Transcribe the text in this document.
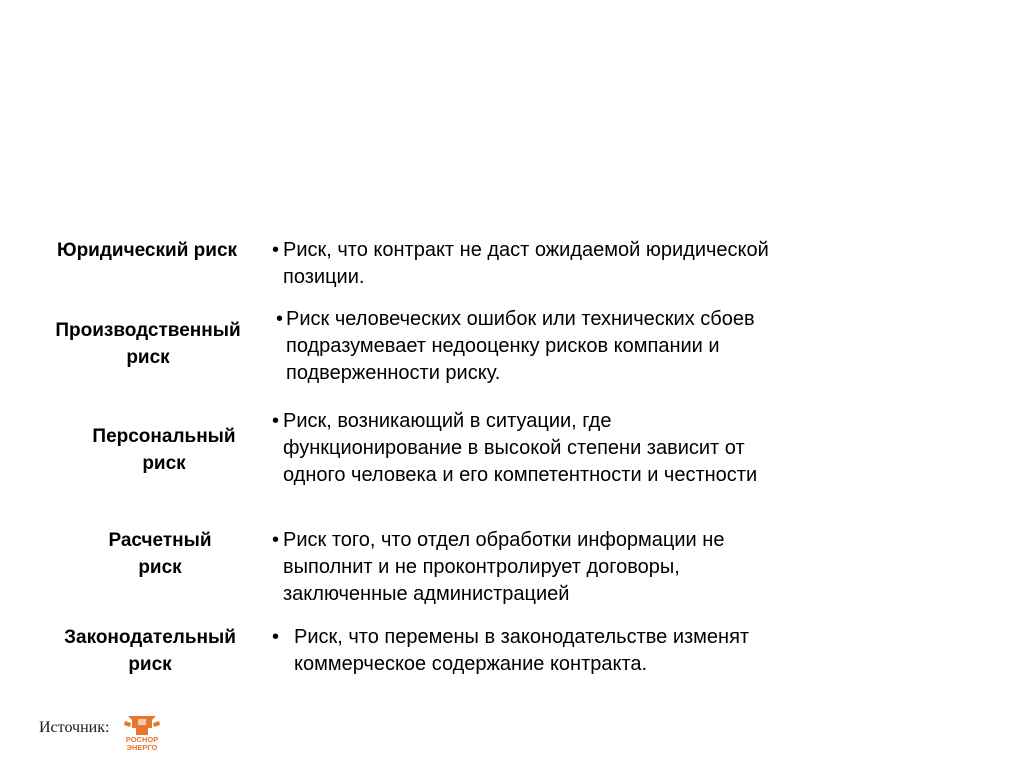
Юридический риск	• Риск, что контракт не даст ожидаемой юридической
позиции.
Производственный
риск
• Риск человеческих ошибок или технических сбоев
подразумевает недооценку рисков компании и
подверженности риску.
Персональный
риск
• Риск, возникающий в ситуации, где
функционирование в высокой степени зависит от
одного человека и его компетентности и честности
Расчетный
риск
• Риск того, что отдел обработки информации не
выполнит и не проконтролирует договоры,
заключенные администрацией
Законодательный
риск
• Риск, что перемены в законодательстве изменят
коммерческое содержание контракта.
Источник:
РОСНОР
ЭНЕРГО
